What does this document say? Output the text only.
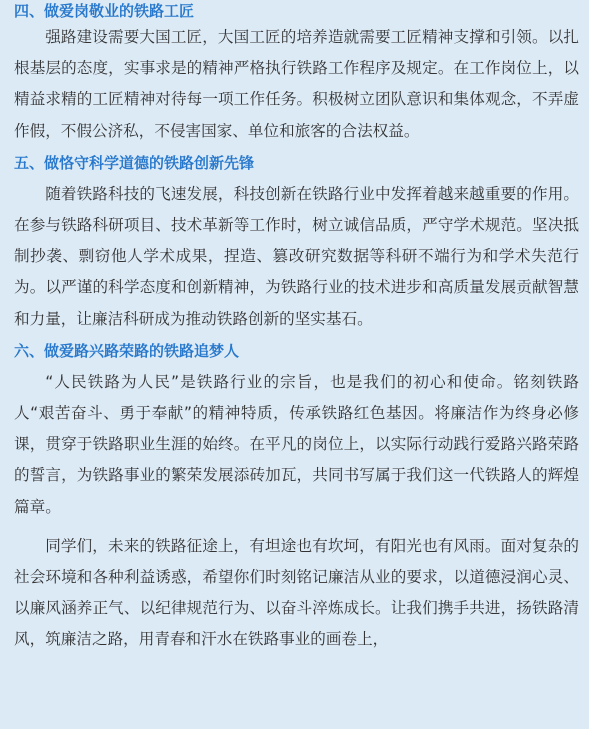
四、做爱岗敬业的铁路工匠

强路建设需要大国工匠，大国工匠的培养造就需要工匠精神支撑和引领。以扎根基层的态度，实事求是的精神严格执行铁路工作程序及规定。在工作岗位上，以精益求精的工匠精神对待每一项工作任务。积极树立团队意识和集体观念，不弄虚作假，不假公济私，不侵害国家、单位和旅客的合法权益。

五、做恪守科学道德的铁路创新先锋

随着铁路科技的飞速发展，科技创新在铁路行业中发挥着越来越重要的作用。在参与铁路科研项目、技术革新等工作时，树立诚信品质，严守学术规范。坚决抵制抄袭、剽窃他人学术成果，捏造、篡改研究数据等科研不端行为和学术失范行为。以严谨的科学态度和创新精神，为铁路行业的技术进步和高质量发展贡献智慧和力量，让廉洁科研成为推动铁路创新的坚实基石。

六、做爱路兴路荣路的铁路追梦人

“人民铁路为人民”是铁路行业的宗旨，也是我们的初心和使命。铭刻铁路人“艰苦奋斗、勇于奉献”的精神特质，传承铁路红色基因。将廉洁作为终身必修课，贯穿于铁路职业生涯的始终。在平凡的岗位上，以实际行动践行爱路兴路荣路的誓言，为铁路事业的繁荣发展添砖加瓦，共同书写属于我们这一代铁路人的辉煌篇章。

同学们，未来的铁路征途上，有坦途也有坎坷，有阳光也有风雨。面对复杂的社会环境和各种利益诱惑，希望你们时刻铭记廉洁从业的要求，以道德浸润心灵、以廉风涵养正气、以纪律规范行为、以奋斗淬炼成长。让我们携手共进，扬铁路清风，筑廉洁之路，用青春和汗水在铁路事业的画卷上，
